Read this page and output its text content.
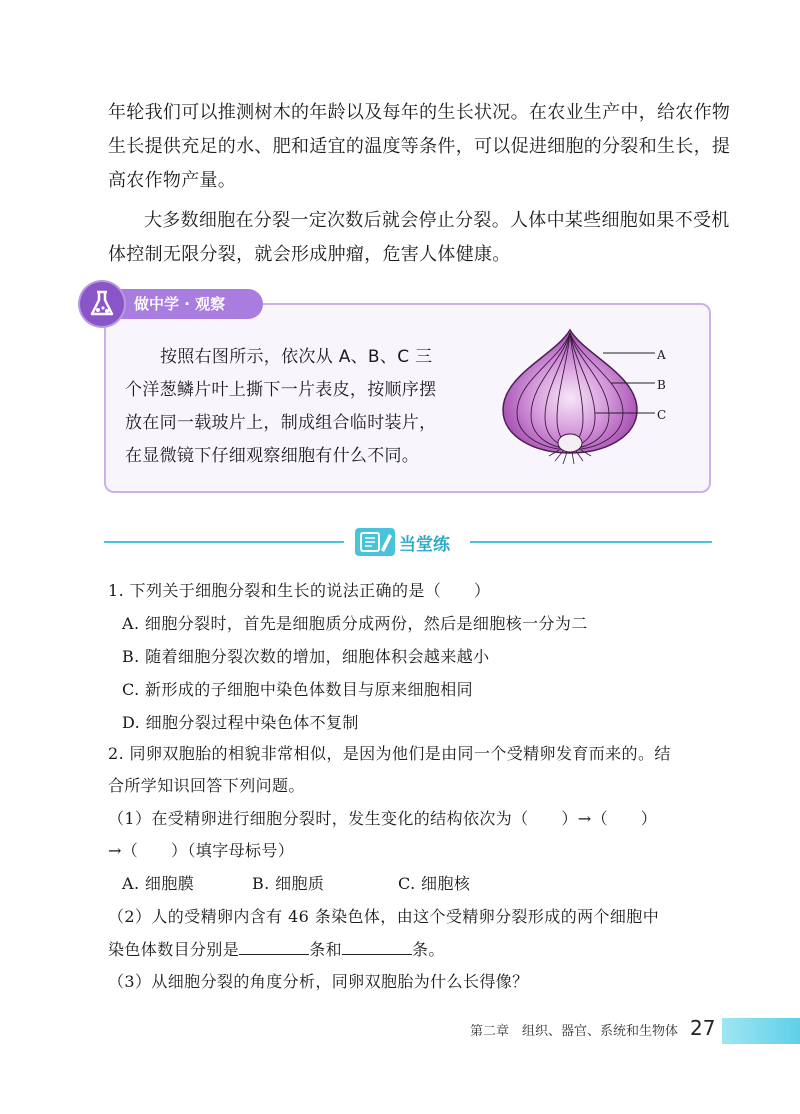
年轮我们可以推测树木的年龄以及每年的生长状况。在农业生产中，给农作物
生长提供充足的水、肥和适宜的温度等条件，可以促进细胞的分裂和生长，提
高农作物产量。
大多数细胞在分裂一定次数后就会停止分裂。人体中某些细胞如果不受机
体控制无限分裂，就会形成肿瘤，危害人体健康。
做中学 · 观察
按照右图所示，依次从 A、B、C 三
个洋葱鳞片叶上撕下一片表皮，按顺序摆
放在同一载玻片上，制成组合临时装片，
在显微镜下仔细观察细胞有什么不同。
A
B
C
当堂练
1. 下列关于细胞分裂和生长的说法正确的是（　　）
A. 细胞分裂时，首先是细胞质分成两份，然后是细胞核一分为二
B. 随着细胞分裂次数的增加，细胞体积会越来越小
C. 新形成的子细胞中染色体数目与原来细胞相同
D. 细胞分裂过程中染色体不复制
2. 同卵双胞胎的相貌非常相似，是因为他们是由同一个受精卵发育而来的。结
合所学知识回答下列问题。
（1）在受精卵进行细胞分裂时，发生变化的结构依次为（　　）→（　　）
→（　　）（填字母标号）
A. 细胞膜	B. 细胞质	C. 细胞核
（2）人的受精卵内含有 46 条染色体，由这个受精卵分裂形成的两个细胞中
染色体数目分别是	条和	条。
（3）从细胞分裂的角度分析，同卵双胞胎为什么长得像？
第二章　组织、器官、系统和生物体 27
